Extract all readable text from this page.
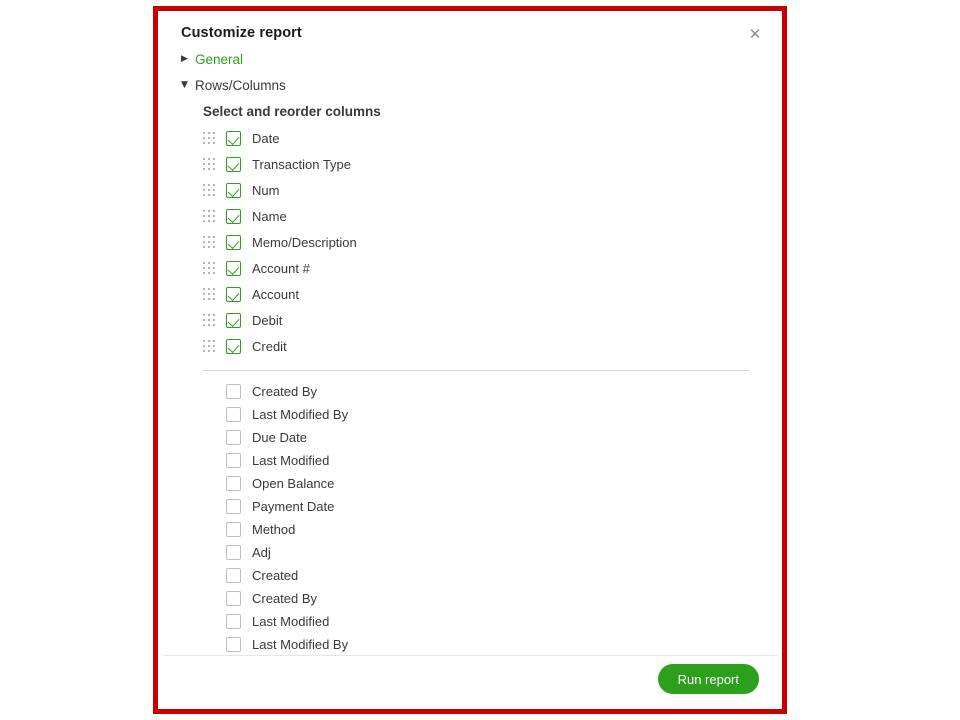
Customize report	✕
▶
General
▼
Rows/Columns
Select and reorder columns
Date
Transaction Type
Num
Name
Memo/Description
Account #
Account
Debit
Credit
Created By
Last Modified By
Due Date
Last Modified
Open Balance
Payment Date
Method
Adj
Created
Created By
Last Modified
Last Modified By
Run report
